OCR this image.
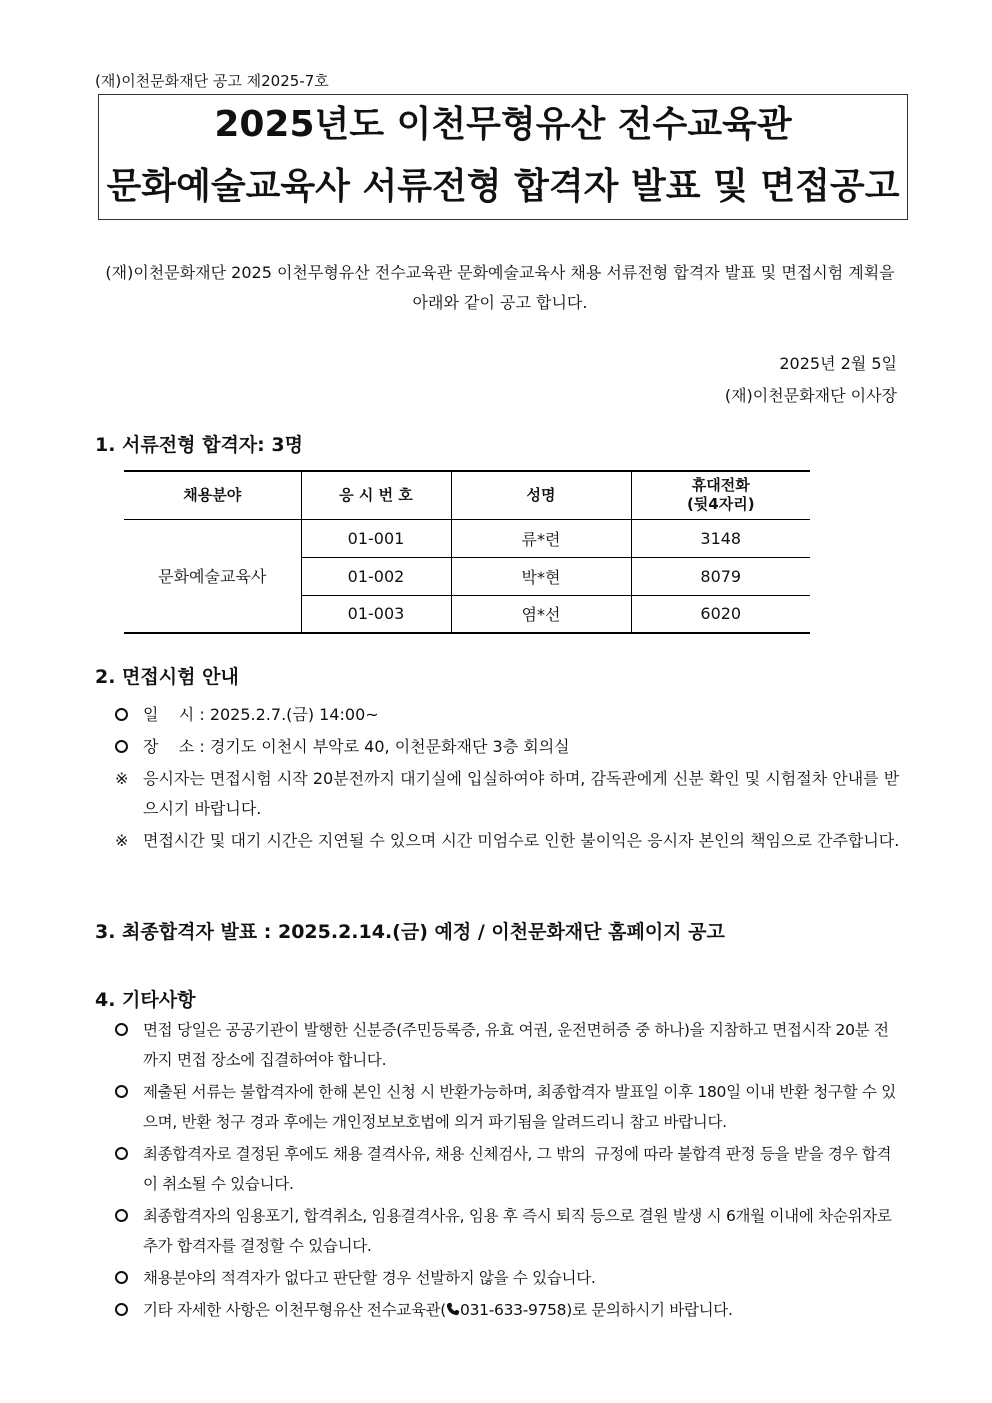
(재)이천문화재단 공고 제2025-7호
2025년도 이천무형유산 전수교육관
문화예술교육사 서류전형 합격자 발표 및 면접공고
(재)이천문화재단 2025 이천무형유산 전수교육관 문화예술교육사 채용 서류전형 합격자 발표 및 면접시험 계획을 아래와 같이 공고 합니다.
2025년 2월 5일
(재)이천문화재단 이사장
1. 서류전형 합격자: 3명
채용분야	응 시 번 호	성명	휴대전화
(뒷4자리)

문화예술교육사	01-001	류*련	3148
	01-002	박*현	8079
	01-003	염*선	6020
2. 면접시험 안내
일    시 : 2025.2.7.(금) 14:00~
장    소 : 경기도 이천시 부악로 40, 이천문화재단 3층 회의실
※ 응시자는 면접시험 시작 20분전까지 대기실에 입실하여야 하며, 감독관에게 신분 확인 및 시험절차 안내를 받으시기 바랍니다.
※ 면접시간 및 대기 시간은 지연될 수 있으며 시간 미엄수로 인한 불이익은 응시자 본인의 책임으로 간주합니다.
3. 최종합격자 발표 : 2025.2.14.(금) 예정 / 이천문화재단 홈페이지 공고
4. 기타사항
면접 당일은 공공기관이 발행한 신분증(주민등록증, 유효 여권, 운전면허증 중 하나)을 지참하고 면접시작 20분 전까지 면접 장소에 집결하여야 합니다.
제출된 서류는 불합격자에 한해 본인 신청 시 반환가능하며, 최종합격자 발표일 이후 180일 이내 반환 청구할 수 있으며, 반환 청구 경과 후에는 개인정보보호법에 의거 파기됨을 알려드리니 참고 바랍니다.
최종합격자로 결정된 후에도 채용 결격사유, 채용 신체검사, 그 밖의  규정에 따라 불합격 판정 등을 받을 경우 합격이 취소될 수 있습니다.
최종합격자의 임용포기, 합격취소, 임용결격사유, 임용 후 즉시 퇴직 등으로 결원 발생 시 6개월 이내에 차순위자로 추가 합격자를 결정할 수 있습니다.
채용분야의 적격자가 없다고 판단할 경우 선발하지 않을 수 있습니다.
기타 자세한 사항은 이천무형유산 전수교육관( 031-633-9758)로 문의하시기 바랍니다.
